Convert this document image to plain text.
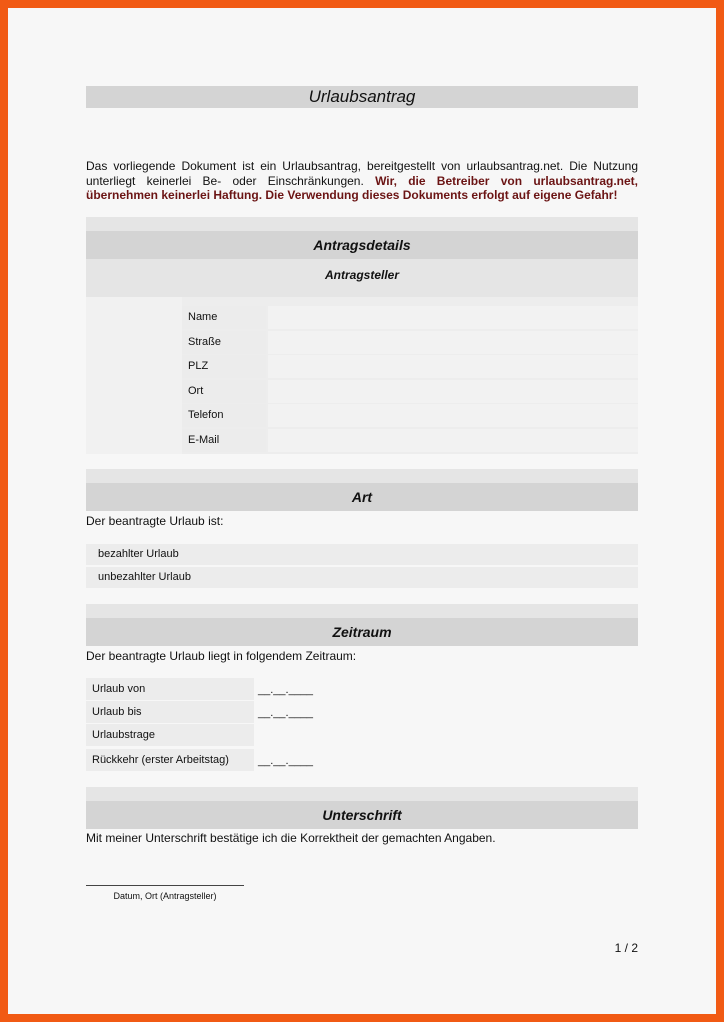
Urlaubsantrag
Das vorliegende Dokument ist ein Urlaubsantrag, bereitgestellt von urlaubsantrag.net. Die Nutzung unterliegt keinerlei Be- oder Einschränkungen. Wir, die Betreiber von urlaubsantrag.net, übernehmen keinerlei Haftung. Die Verwendung dieses Dokuments erfolgt auf eigene Gefahr!
Antragsdetails
Antragsteller
Name
Straße
PLZ
Ort
Telefon
E-Mail
Art
Der beantragte Urlaub ist:
bezahlter Urlaub
unbezahlter Urlaub
Zeitraum
Der beantragte Urlaub liegt in folgendem Zeitraum:
Urlaub von	__.__.____
Urlaub bis	__.__.____
Urlaubstrage
Rückkehr (erster Arbeitstag)	__.__.____
Unterschrift
Mit meiner Unterschrift bestätige ich die Korrektheit der gemachten Angaben.
Datum, Ort (Antragsteller)
1 / 2
